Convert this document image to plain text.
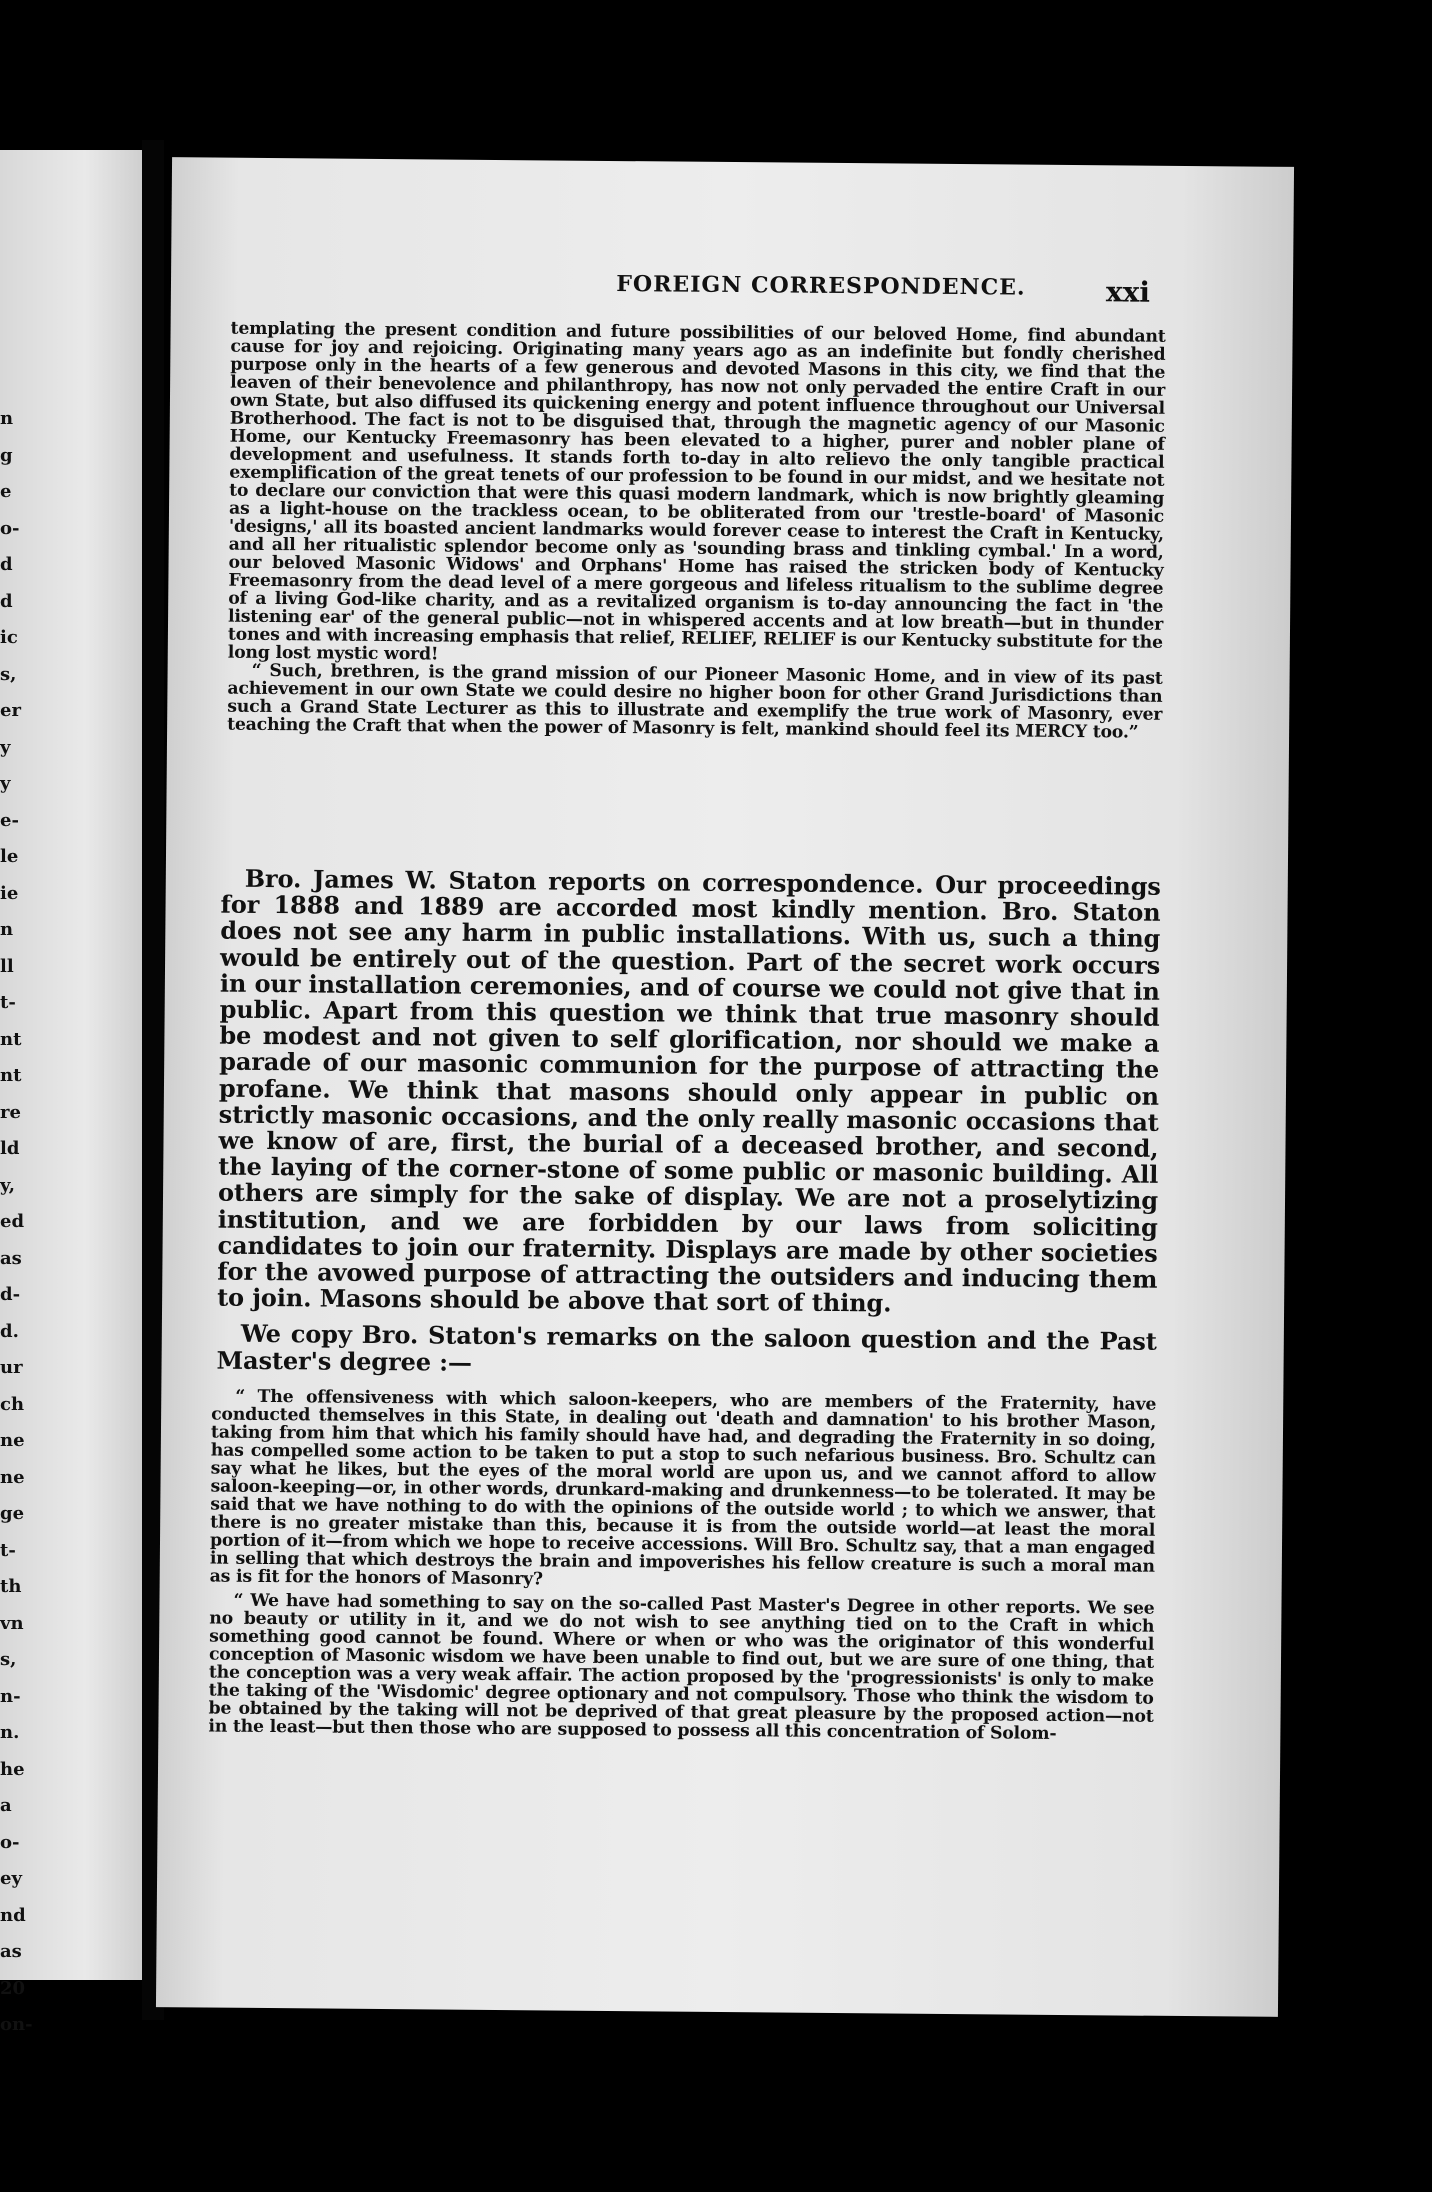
n
g
e
o-
d
d
ic
s,
er
y
y
e-
le
ie
n
ll
t-
nt
nt
re
ld
y,
ed
as
d-
d.
ur
ch
ne
ne
ge
t-
th
vn
s,
n-
n.
he
a
o-
ey
nd
as
20
on-
FOREIGN CORRESPONDENCE.	xxi

templating the present condition and future possibilities of our beloved Home, find abundant cause for joy and rejoicing. Originating many years ago as an indefinite but fondly cherished purpose only in the hearts of a few generous and devoted Masons in this city, we find that the leaven of their benevolence and philanthropy, has now not only pervaded the entire Craft in our own State, but also diffused its quickening energy and potent influence throughout our Universal Brotherhood. The fact is not to be disguised that, through the magnetic agency of our Masonic Home, our Kentucky Freemasonry has been elevated to a higher, purer and nobler plane of development and usefulness. It stands forth to-day in alto relievo the only tangible practical exemplification of the great tenets of our profession to be found in our midst, and we hesitate not to declare our conviction that were this quasi modern landmark, which is now brightly gleaming as a light-house on the trackless ocean, to be obliterated from our 'trestle-board' of Masonic 'designs,' all its boasted ancient landmarks would forever cease to interest the Craft in Kentucky, and all her ritualistic splendor become only as 'sounding brass and tinkling cymbal.' In a word, our beloved Masonic Widows' and Orphans' Home has raised the stricken body of Kentucky Freemasonry from the dead level of a mere gorgeous and lifeless ritualism to the sublime degree of a living God-like charity, and as a revitalized organism is to-day announcing the fact in 'the listening ear' of the general public—not in whispered accents and at low breath—but in thunder tones and with increasing emphasis that relief, RELIEF, RELIEF is our Kentucky substitute for the long lost mystic word!

“ Such, brethren, is the grand mission of our Pioneer Masonic Home, and in view of its past achievement in our own State we could desire no higher boon for other Grand Jurisdictions than such a Grand State Lecturer as this to illustrate and exemplify the true work of Masonry, ever teaching the Craft that when the power of Masonry is felt, mankind should feel its MERCY too.”

Bro. James W. Staton reports on correspondence. Our proceedings for 1888 and 1889 are accorded most kindly mention. Bro. Staton does not see any harm in public installations. With us, such a thing would be entirely out of the question. Part of the secret work occurs in our installation ceremonies, and of course we could not give that in public. Apart from this question we think that true masonry should be modest and not given to self glorification, nor should we make a parade of our masonic communion for the purpose of attracting the profane. We think that masons should only appear in public on strictly masonic occasions, and the only really masonic occasions that we know of are, first, the burial of a deceased brother, and second, the laying of the corner-stone of some public or masonic building. All others are simply for the sake of display. We are not a proselytizing institution, and we are forbidden by our laws from soliciting candidates to join our fraternity. Displays are made by other societies for the avowed purpose of attracting the outsiders and inducing them to join. Masons should be above that sort of thing.

We copy Bro. Staton's remarks on the saloon question and the Past Master's degree :—

“ The offensiveness with which saloon-keepers, who are members of the Fraternity, have conducted themselves in this State, in dealing out 'death and damnation' to his brother Mason, taking from him that which his family should have had, and degrading the Fraternity in so doing, has compelled some action to be taken to put a stop to such nefarious business. Bro. Schultz can say what he likes, but the eyes of the moral world are upon us, and we cannot afford to allow saloon-keeping—or, in other words, drunkard-making and drunkenness—to be tolerated. It may be said that we have nothing to do with the opinions of the outside world ; to which we answer, that there is no greater mistake than this, because it is from the outside world—at least the moral portion of it—from which we hope to receive accessions. Will Bro. Schultz say, that a man engaged in selling that which destroys the brain and impoverishes his fellow creature is such a moral man as is fit for the honors of Masonry?

“ We have had something to say on the so-called Past Master's Degree in other reports. We see no beauty or utility in it, and we do not wish to see anything tied on to the Craft in which something good cannot be found. Where or when or who was the originator of this wonderful conception of Masonic wisdom we have been unable to find out, but we are sure of one thing, that the conception was a very weak affair. The action proposed by the 'progressionists' is only to make the taking of the 'Wisdomic' degree optionary and not compulsory. Those who think the wisdom to be obtained by the taking will not be deprived of that great pleasure by the proposed action—not in the least—but then those who are supposed to possess all this concentration of Solom-
